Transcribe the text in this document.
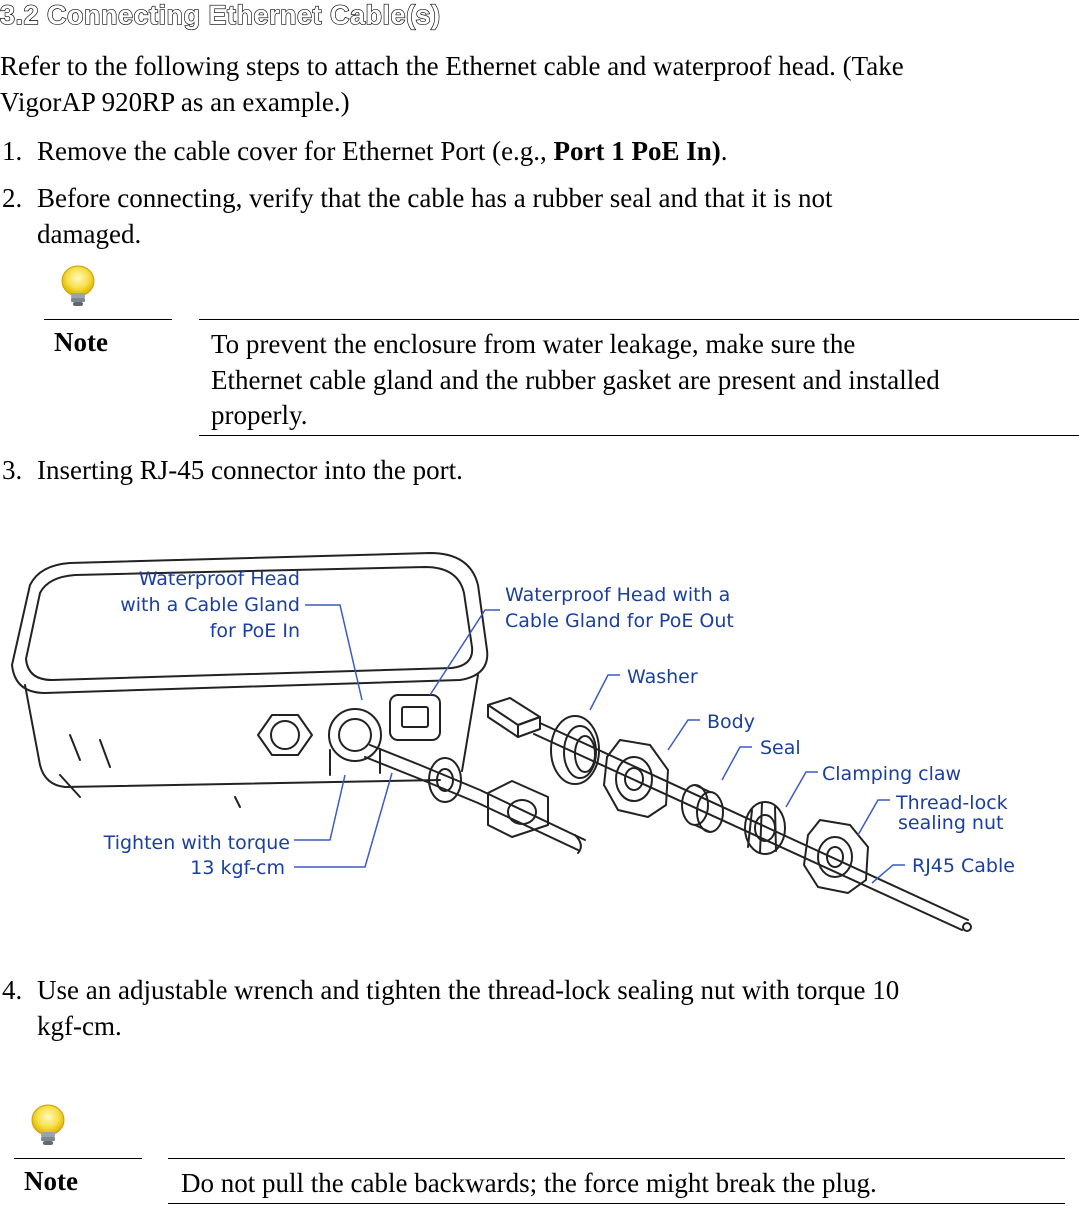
3.2 Connecting Ethernet Cable(s)
Refer to the following steps to attach the Ethernet cable and waterproof head. (Take
VigorAP 920RP as an example.)
1. Remove the cable cover for Ethernet Port (e.g., Port 1 PoE In).
2. Before connecting, verify that the cable has a rubber seal and that it is not
damaged.
Note	To prevent the enclosure from water leakage, make sure the
Ethernet cable gland and the rubber gasket are present and installed
properly.
3. Inserting RJ-45 connector into the port.
Waterproof Head
with a Cable Gland
for PoE In
Waterproof Head with a
Cable Gland for PoE Out
Washer
Body
Seal
Clamping claw
Thread-lock
sealing nut
RJ45 Cable
Tighten with torque
13 kgf-cm
4. Use an adjustable wrench and tighten the thread-lock sealing nut with torque 10
kgf-cm.
Note	Do not pull the cable backwards; the force might break the plug.
